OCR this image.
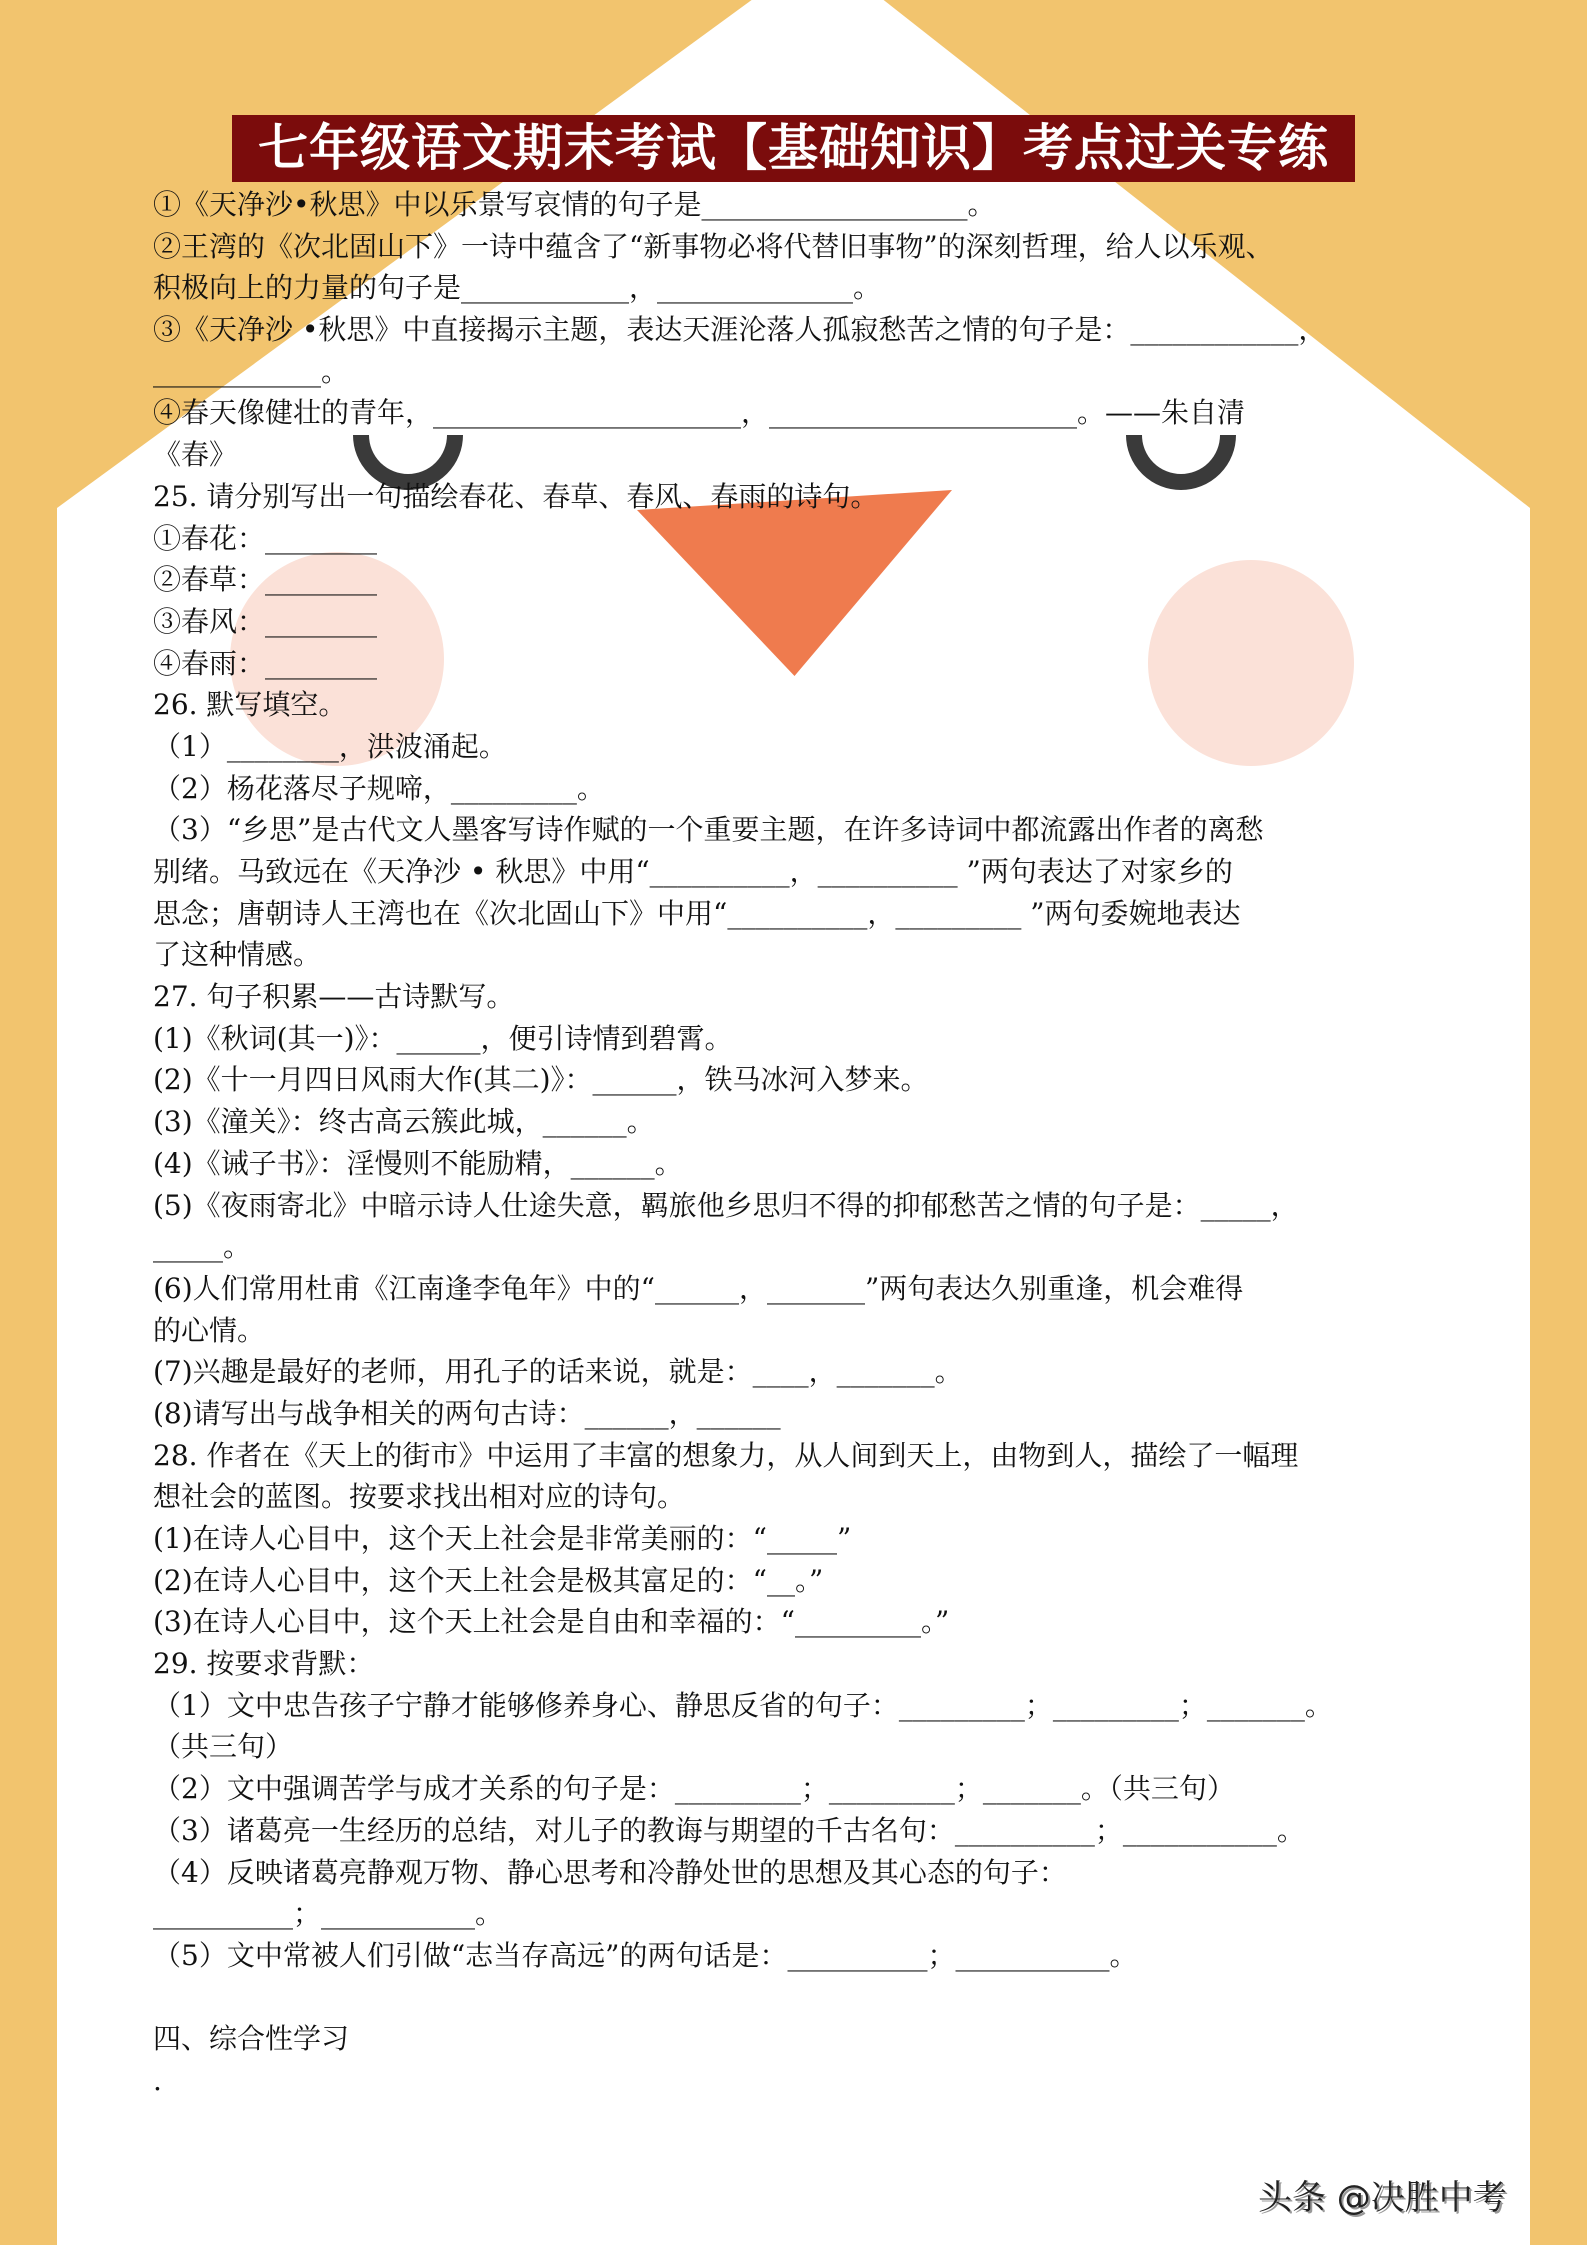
七年级语文期末考试【基础知识】考点过关专练
①《天净沙•秋思》中以乐景写哀情的句子是___________________。
②王湾的《次北固山下》一诗中蕴含了“新事物必将代替旧事物”的深刻哲理，给人以乐观、
积极向上的力量的句子是____________，______________。
③《天净沙 •秋思》中直接揭示主题，表达天涯沦落人孤寂愁苦之情的句子是：____________，
____________。
④春天像健壮的青年，______________________，______________________。——朱自清
《春》
25. 请分别写出一句描绘春花、春草、春风、春雨的诗句。
①春花：________
②春草：________
③春风：________
④春雨：________
26. 默写填空。
（1）________，洪波涌起。
（2）杨花落尽子规啼，_________。
（3）“乡思”是古代文人墨客写诗作赋的一个重要主题，在许多诗词中都流露出作者的离愁
别绪。马致远在《天净沙 • 秋思》中用“__________，__________ ”两句表达了对家乡的
思念；唐朝诗人王湾也在《次北固山下》中用“__________，_________ ”两句委婉地表达
了这种情感。
27. 句子积累——古诗默写。
(1)《秋词(其一)》：______，便引诗情到碧霄。
(2)《十一月四日风雨大作(其二)》：______，铁马冰河入梦来。
(3)《潼关》：终古高云簇此城，______。
(4)《诫子书》：淫慢则不能励精，______。
(5)《夜雨寄北》中暗示诗人仕途失意，羁旅他乡思归不得的抑郁愁苦之情的句子是：_____，
_____。
(6)人们常用杜甫《江南逢李龟年》中的“______，_______”两句表达久别重逢，机会难得
的心情。
(7)兴趣是最好的老师，用孔子的话来说，就是：____，_______。
(8)请写出与战争相关的两句古诗：______，______
28. 作者在《天上的街市》中运用了丰富的想象力，从人间到天上，由物到人，描绘了一幅理
想社会的蓝图。按要求找出相对应的诗句。
(1)在诗人心目中，这个天上社会是非常美丽的：“_____”
(2)在诗人心目中，这个天上社会是极其富足的：“__。”
(3)在诗人心目中，这个天上社会是自由和幸福的：“_________。”
29. 按要求背默：
（1）文中忠告孩子宁静才能够修养身心、静思反省的句子：_________；_________；_______。
（共三句）
（2）文中强调苦学与成才关系的句子是：_________；_________；_______。（共三句）
（3）诸葛亮一生经历的总结，对儿子的教诲与期望的千古名句：__________；___________。
（4）反映诸葛亮静观万物、静心思考和冷静处世的思想及其心态的句子：
__________；___________。
（5）文中常被人们引做“志当存高远”的两句话是：__________；___________。
四、综合性学习
.
头条 @决胜中考
